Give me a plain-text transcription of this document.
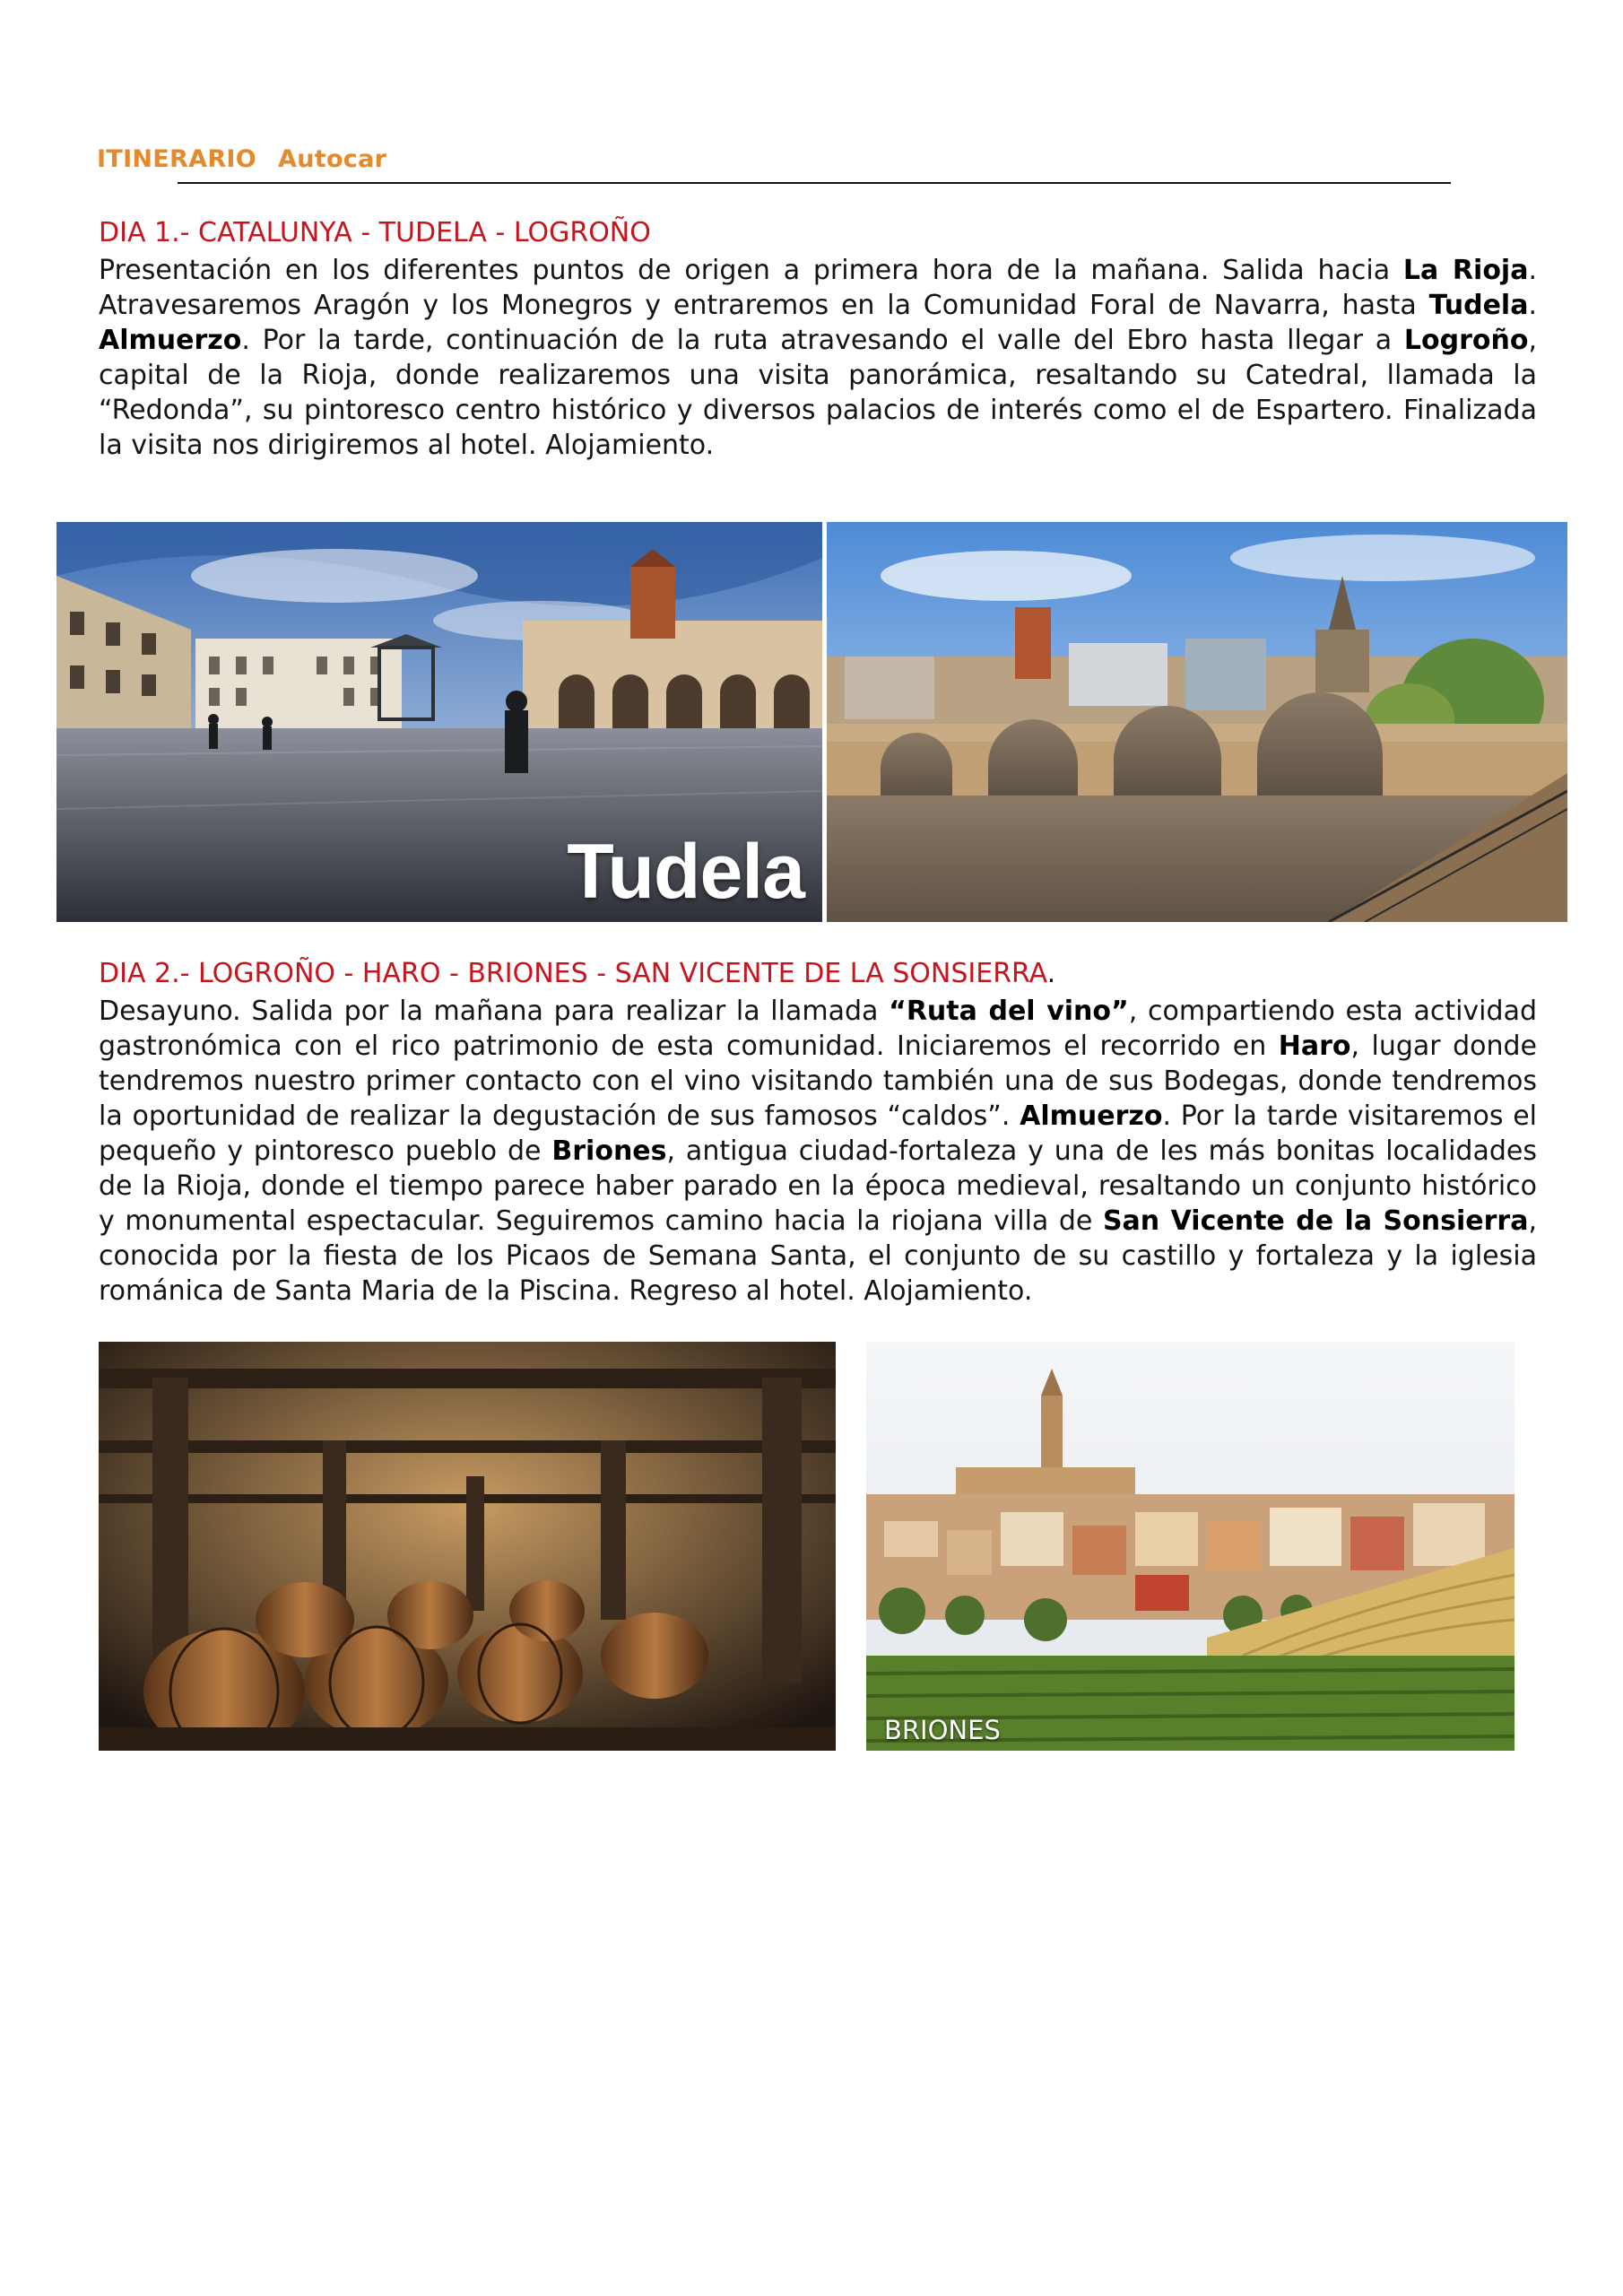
ITINERARIO Autocar
DIA 1.- CATALUNYA - TUDELA - LOGROÑO
Presentación en los diferentes puntos de origen a primera hora de la mañana. Salida hacia La Rioja. Atravesaremos Aragón y los Monegros y entraremos en la Comunidad Foral de Navarra, hasta Tudela. Almuerzo. Por la tarde, continuación de la ruta atravesando el valle del Ebro hasta llegar a Logroño, capital de la Rioja, donde realizaremos una visita panorámica, resaltando su Catedral, llamada la “Redonda”, su pintoresco centro histórico y diversos palacios de interés como el de Espartero. Finalizada la visita nos dirigiremos al hotel. Alojamiento.
Tudela
DIA 2.- LOGROÑO - HARO - BRIONES - SAN VICENTE DE LA SONSIERRA.
Desayuno. Salida por la mañana para realizar la llamada “Ruta del vino”, compartiendo esta actividad gastronómica con el rico patrimonio de esta comunidad. Iniciaremos el recorrido en Haro, lugar donde tendremos nuestro primer contacto con el vino visitando también una de sus Bodegas, donde tendremos la oportunidad de realizar la degustación de sus famosos “caldos”. Almuerzo. Por la tarde visitaremos el pequeño y pintoresco pueblo de Briones, antigua ciudad-fortaleza y una de les más bonitas localidades de la Rioja, donde el tiempo parece haber parado en la época medieval, resaltando un conjunto histórico y monumental espectacular. Seguiremos camino hacia la riojana villa de San Vicente de la Sonsierra, conocida por la fiesta de los Picaos de Semana Santa, el conjunto de su castillo y fortaleza y la iglesia románica de Santa Maria de la Piscina. Regreso al hotel. Alojamiento.
BRIONES
